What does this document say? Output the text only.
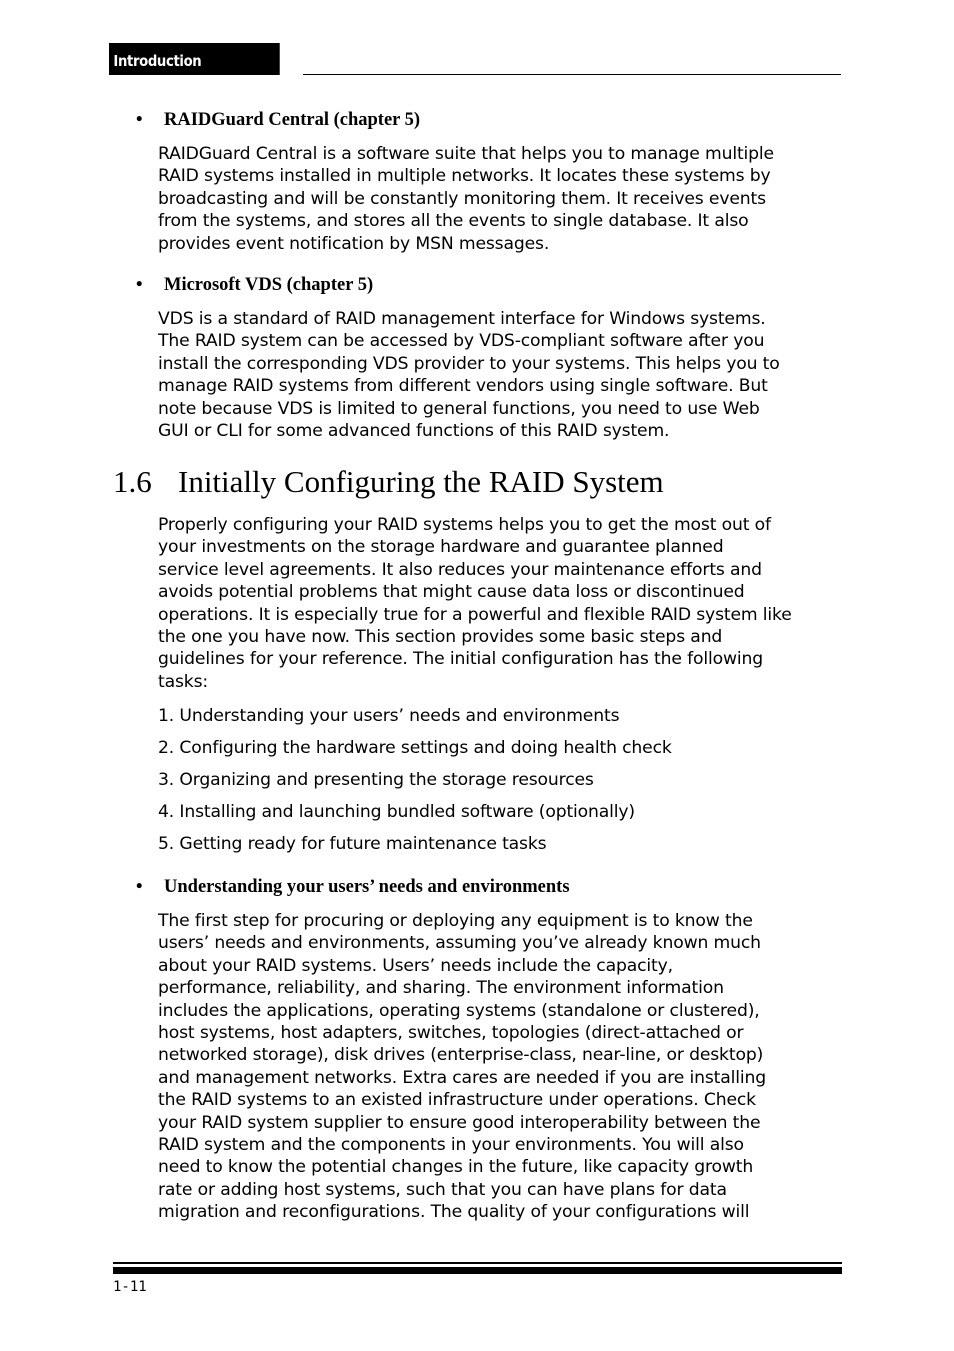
Introduction
• RAIDGuard Central (chapter 5)
RAIDGuard Central is a software suite that helps you to manage multiple
RAID systems installed in multiple networks. It locates these systems by
broadcasting and will be constantly monitoring them. It receives events
from the systems, and stores all the events to single database. It also
provides event notification by MSN messages.
• Microsoft VDS (chapter 5)
VDS is a standard of RAID management interface for Windows systems.
The RAID system can be accessed by VDS-compliant software after you
install the corresponding VDS provider to your systems. This helps you to
manage RAID systems from different vendors using single software. But
note because VDS is limited to general functions, you need to use Web
GUI or CLI for some advanced functions of this RAID system.
1.6 Initially Configuring the RAID System
Properly configuring your RAID systems helps you to get the most out of
your investments on the storage hardware and guarantee planned
service level agreements. It also reduces your maintenance efforts and
avoids potential problems that might cause data loss or discontinued
operations. It is especially true for a powerful and flexible RAID system like
the one you have now. This section provides some basic steps and
guidelines for your reference. The initial configuration has the following
tasks:
1. Understanding your users’ needs and environments
2. Configuring the hardware settings and doing health check
3. Organizing and presenting the storage resources
4. Installing and launching bundled software (optionally)
5. Getting ready for future maintenance tasks
• Understanding your users’ needs and environments
The first step for procuring or deploying any equipment is to know the
users’ needs and environments, assuming you’ve already known much
about your RAID systems. Users’ needs include the capacity,
performance, reliability, and sharing. The environment information
includes the applications, operating systems (standalone or clustered),
host systems, host adapters, switches, topologies (direct-attached or
networked storage), disk drives (enterprise-class, near-line, or desktop)
and management networks. Extra cares are needed if you are installing
the RAID systems to an existed infrastructure under operations. Check
your RAID system supplier to ensure good interoperability between the
RAID system and the components in your environments. You will also
need to know the potential changes in the future, like capacity growth
rate or adding host systems, such that you can have plans for data
migration and reconfigurations. The quality of your configurations will
1-11
